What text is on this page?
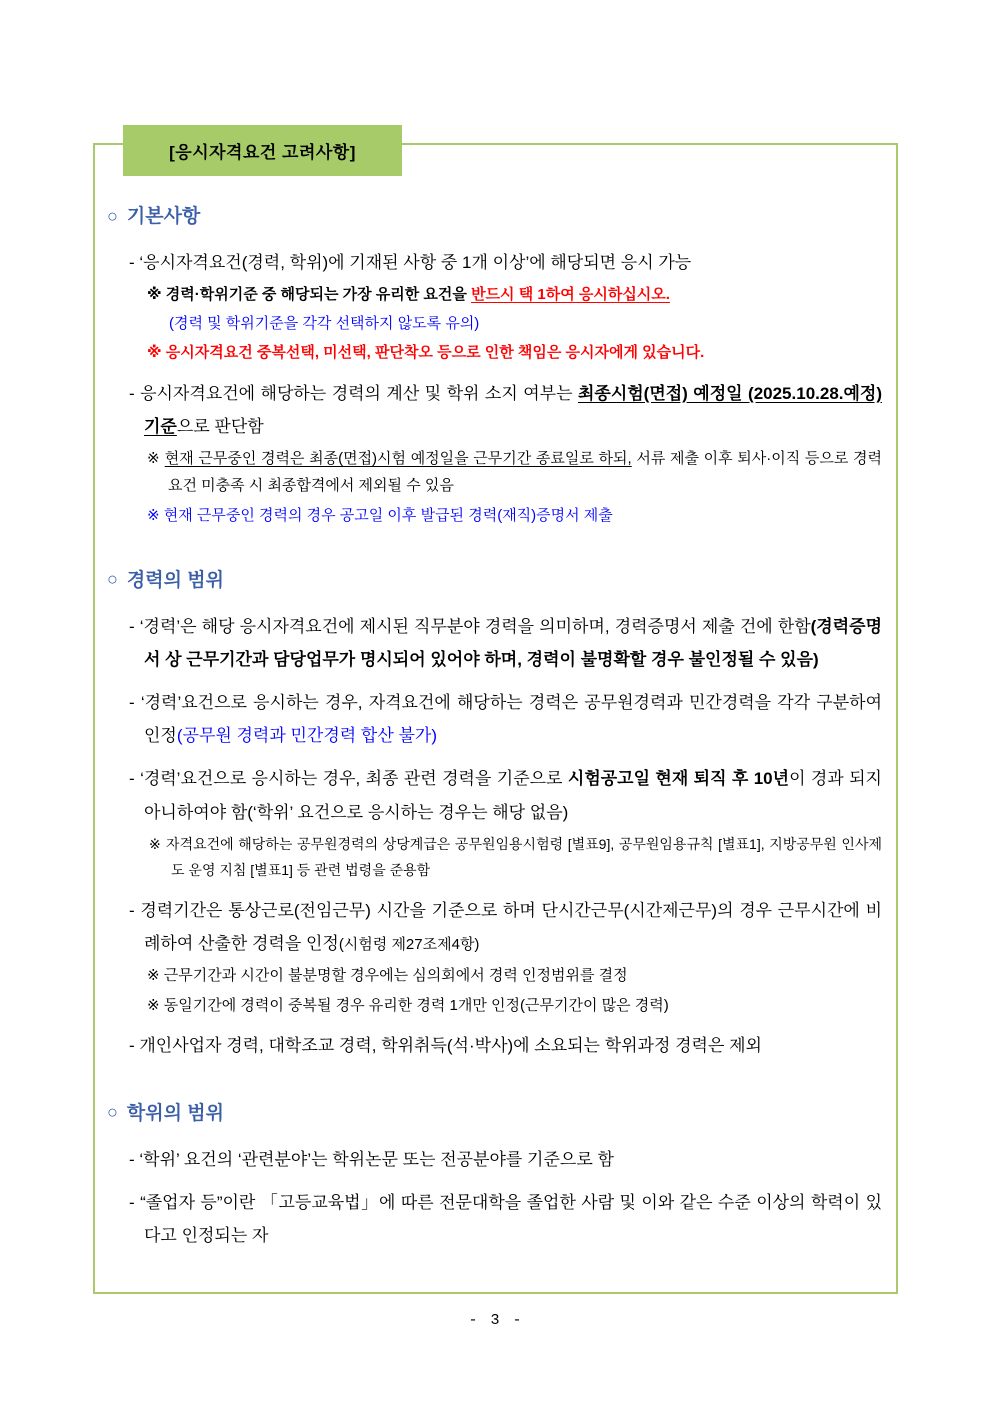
[응시자격요건 고려사항]
○ 기본사항

- ‘응시자격요건(경력, 학위)에 기재된 사항 중 1개 이상’에 해당되면 응시 가능

※ 경력·학위기준 중 해당되는 가장 유리한 요건을 반드시 택 1하여 응시하십시오.

(경력 및 학위기준을 각각 선택하지 않도록 유의)

※ 응시자격요건 중복선택, 미선택, 판단착오 등으로 인한 책임은 응시자에게 있습니다.

- 응시자격요건에 해당하는 경력의 계산 및 학위 소지 여부는 최종시험(면접) 예정일 (2025.10.28.예정) 기준으로 판단함

※ 현재 근무중인 경력은 최종(면접)시험 예정일을 근무기간 종료일로 하되, 서류 제출 이후 퇴사·이직 등으로 경력요건 미충족 시 최종합격에서 제외될 수 있음

※ 현재 근무중인 경력의 경우 공고일 이후 발급된 경력(재직)증명서 제출

○ 경력의 범위

- ‘경력’은 해당 응시자격요건에 제시된 직무분야 경력을 의미하며, 경력증명서 제출 건에 한함(경력증명서 상 근무기간과 담당업무가 명시되어 있어야 하며, 경력이 불명확할 경우 불인정될 수 있음)

- ‘경력’요건으로 응시하는 경우, 자격요건에 해당하는 경력은 공무원경력과 민간경력을 각각 구분하여 인정(공무원 경력과 민간경력 합산 불가)

- ‘경력’요건으로 응시하는 경우, 최종 관련 경력을 기준으로 시험공고일 현재 퇴직 후 10년이 경과 되지 아니하여야 함(‘학위’ 요건으로 응시하는 경우는 해당 없음)

※ 자격요건에 해당하는 공무원경력의 상당계급은 공무원임용시험령 [별표9], 공무원임용규칙 [별표1], 지방공무원 인사제도 운영 지침 [별표1] 등 관련 법령을 준용함

- 경력기간은 통상근로(전임근무) 시간을 기준으로 하며 단시간근무(시간제근무)의 경우 근무시간에 비례하여 산출한 경력을 인정(시험령 제27조제4항)

※ 근무기간과 시간이 불분명할 경우에는 심의회에서 경력 인정범위를 결정

※ 동일기간에 경력이 중복될 경우 유리한 경력 1개만 인정(근무기간이 많은 경력)

- 개인사업자 경력, 대학조교 경력, 학위취득(석·박사)에 소요되는 학위과정 경력은 제외

○ 학위의 범위

- ‘학위’ 요건의 ‘관련분야’는 학위논문 또는 전공분야를 기준으로 함

- “졸업자 등”이란 「고등교육법」에 따른 전문대학을 졸업한 사람 및 이와 같은 수준 이상의 학력이 있다고 인정되는 자

- 3 -
